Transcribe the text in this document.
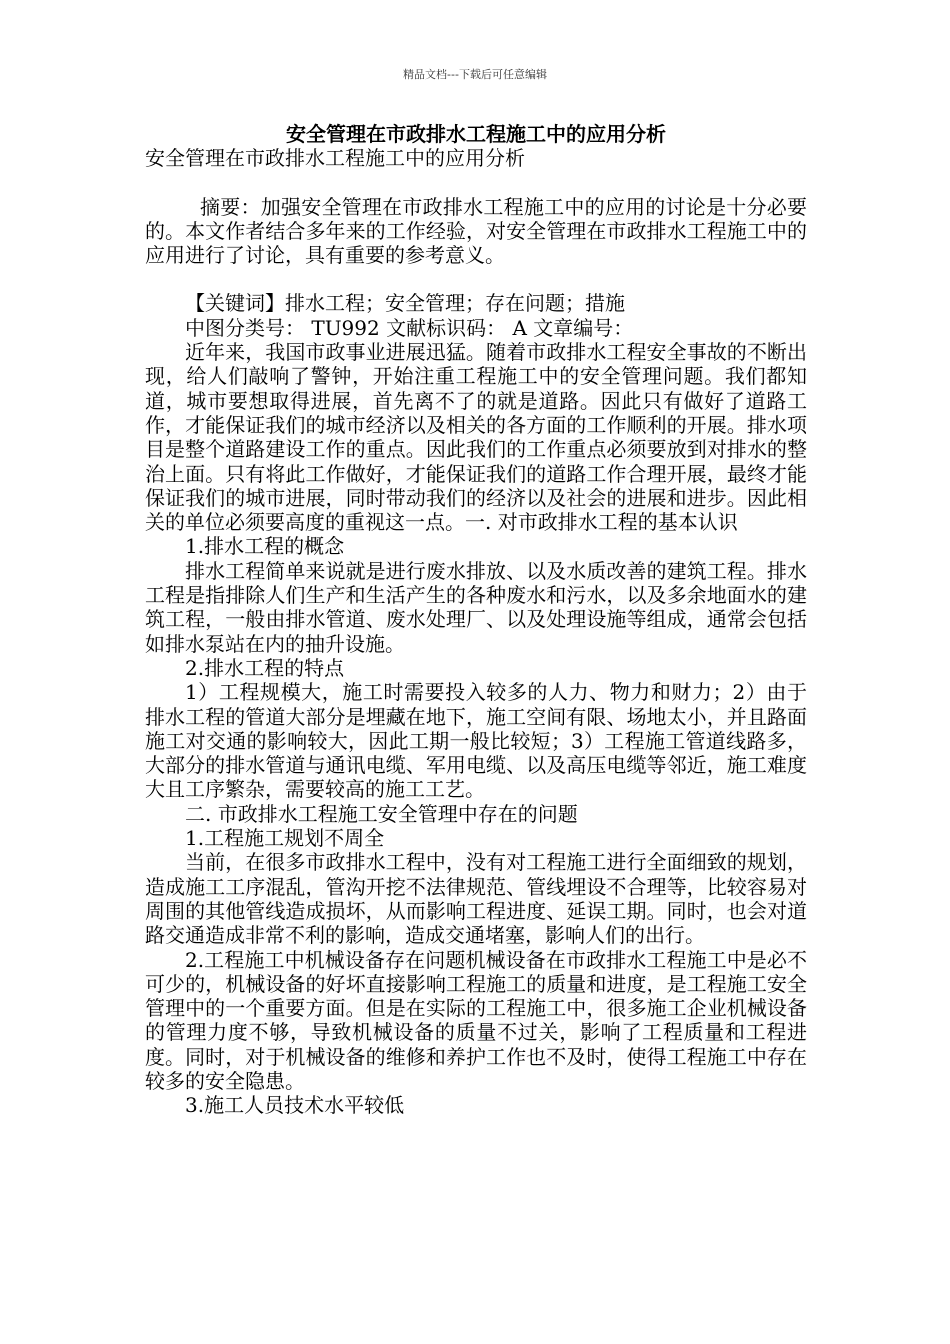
精品文档---下载后可任意编辑

安全管理在市政排水工程施工中的应用分析

安全管理在市政排水工程施工中的应用分析

摘要：加强安全管理在市政排水工程施工中的应用的讨论是十分必要的。本文作者结合多年来的工作经验，对安全管理在市政排水工程施工中的应用进行了讨论，具有重要的参考意义。

【关键词】排水工程；安全管理；存在问题；措施

中图分类号： TU992 文献标识码： A 文章编号：

近年来，我国市政事业进展迅猛。随着市政排水工程安全事故的不断出现，给人们敲响了警钟，开始注重工程施工中的安全管理问题。我们都知道，城市要想取得进展，首先离不了的就是道路。因此只有做好了道路工作，才能保证我们的城市经济以及相关的各方面的工作顺利的开展。排水项目是整个道路建设工作的重点。因此我们的工作重点必须要放到对排水的整治上面。只有将此工作做好，才能保证我们的道路工作合理开展，最终才能保证我们的城市进展，同时带动我们的经济以及社会的进展和进步。因此相关的单位必须要高度的重视这一点。一. 对市政排水工程的基本认识

1.排水工程的概念

排水工程简单来说就是进行废水排放、以及水质改善的建筑工程。排水工程是指排除人们生产和生活产生的各种废水和污水，以及多余地面水的建筑工程，一般由排水管道、废水处理厂、以及处理设施等组成，通常会包括如排水泵站在内的抽升设施。

2.排水工程的特点

1）工程规模大，施工时需要投入较多的人力、物力和财力；2）由于排水工程的管道大部分是埋藏在地下，施工空间有限、场地太小，并且路面施工对交通的影响较大，因此工期一般比较短；3）工程施工管道线路多，大部分的排水管道与通讯电缆、军用电缆、以及高压电缆等邻近，施工难度大且工序繁杂，需要较高的施工工艺。

二. 市政排水工程施工安全管理中存在的问题

1.工程施工规划不周全

当前，在很多市政排水工程中，没有对工程施工进行全面细致的规划，造成施工工序混乱，管沟开挖不法律规范、管线埋设不合理等，比较容易对周围的其他管线造成损坏，从而影响工程进度、延误工期。同时，也会对道路交通造成非常不利的影响，造成交通堵塞，影响人们的出行。

2.工程施工中机械设备存在问题机械设备在市政排水工程施工中是必不可少的，机械设备的好坏直接影响工程施工的质量和进度，是工程施工安全管理中的一个重要方面。但是在实际的工程施工中，很多施工企业机械设备的管理力度不够，导致机械设备的质量不过关，影响了工程质量和工程进度。同时，对于机械设备的维修和养护工作也不及时，使得工程施工中存在较多的安全隐患。

3.施工人员技术水平较低
